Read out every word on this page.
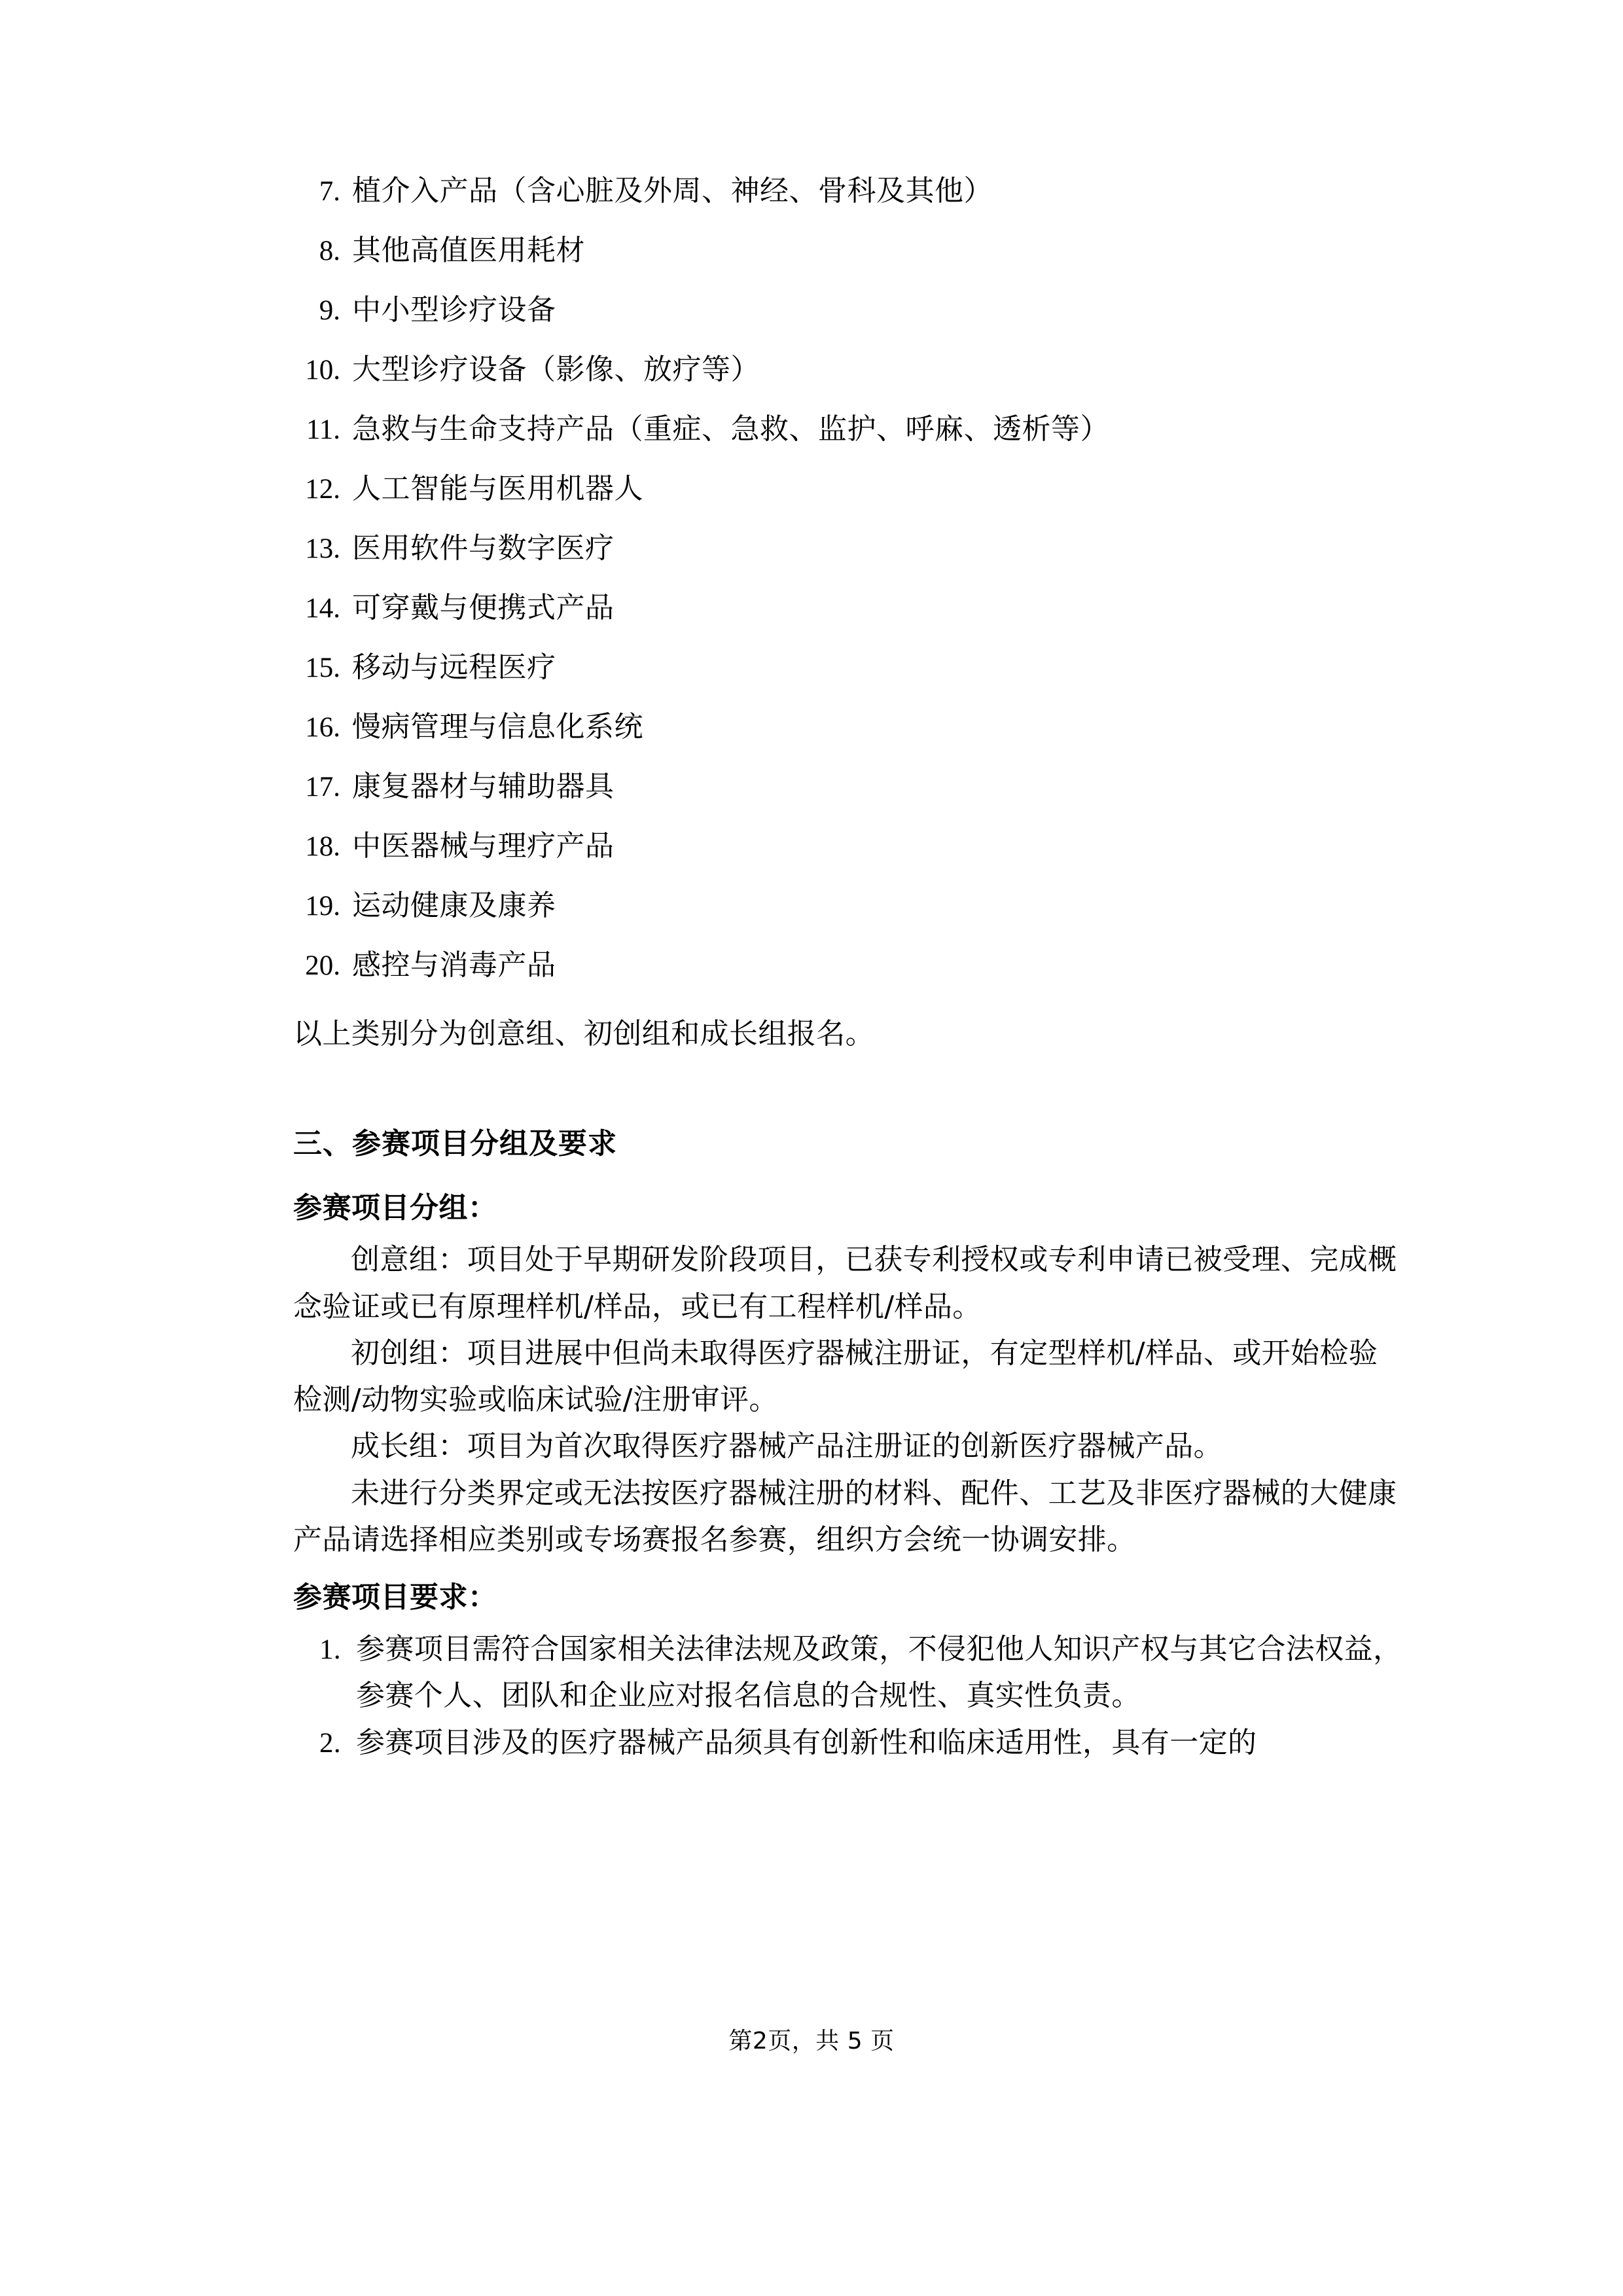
7. 植介入产品（含心脏及外周、神经、骨科及其他）
8. 其他高值医用耗材
9. 中小型诊疗设备
10. 大型诊疗设备（影像、放疗等）
11. 急救与生命支持产品（重症、急救、监护、呼麻、透析等）
12. 人工智能与医用机器人
13. 医用软件与数字医疗
14. 可穿戴与便携式产品
15. 移动与远程医疗
16. 慢病管理与信息化系统
17. 康复器材与辅助器具
18. 中医器械与理疗产品
19. 运动健康及康养
20. 感控与消毒产品

以上类别分为创意组、初创组和成长组报名。

三、参赛项目分组及要求
参赛项目分组：

创意组：项目处于早期研发阶段项目，已获专利授权或专利申请已被受理、完成概念验证或已有原理样机/样品，或已有工程样机/样品。

初创组：项目进展中但尚未取得医疗器械注册证，有定型样机/样品、或开始检验检测/动物实验或临床试验/注册审评。

成长组：项目为首次取得医疗器械产品注册证的创新医疗器械产品。

未进行分类界定或无法按医疗器械注册的材料、配件、工艺及非医疗器械的大健康产品请选择相应类别或专场赛报名参赛，组织方会统一协调安排。

参赛项目要求：
1. 参赛项目需符合国家相关法律法规及政策，不侵犯他人知识产权与其它合法权益，参赛个人、团队和企业应对报名信息的合规性、真实性负责。
2. 参赛项目涉及的医疗器械产品须具有创新性和临床适用性，具有一定的
第2页，共 5 页
